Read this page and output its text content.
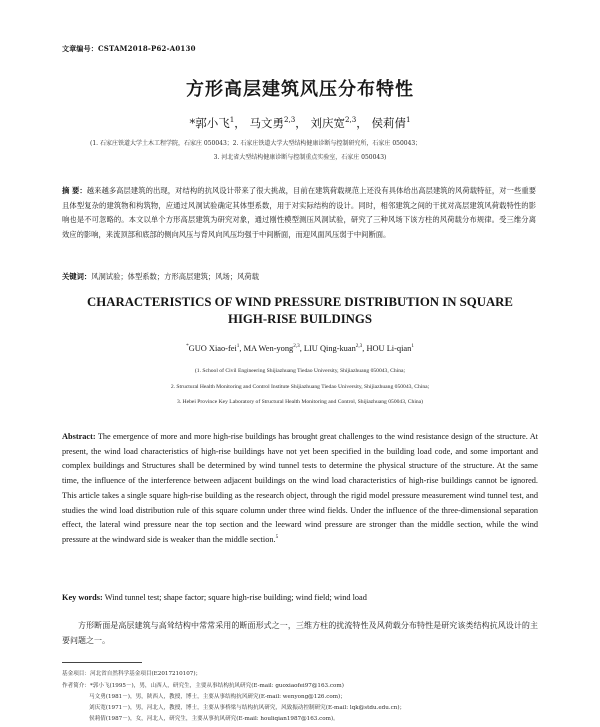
文章编号：CSTAM2018-P62-A0130
方形高层建筑风压分布特性
*郭小飞$^1$， 马文勇$^{2,3}$， 刘庆宽$^{2,3}$， 侯莉倩$^1$
(1. 石家庄铁道大学土木工程学院，石家庄 050043；2. 石家庄铁道大学大型结构健康诊断与控制研究所，石家庄 050043；
3. 河北省大型结构健康诊断与控制重点实验室，石家庄 050043)
摘 要：越来越多高层建筑的出现，对结构的抗风设计带来了很大挑战，目前在建筑荷载规范上还没有具体给出高层建筑的风荷载特征，对一些重要且体型复杂的建筑物和构筑物，应通过风洞试验确定其体型系数，用于对实际结构的设计。同时，相邻建筑之间的干扰对高层建筑风荷载特性的影响也是不可忽略的。本文以单个方形高层建筑为研究对象，通过刚性模型测压风洞试验，研究了三种风场下该方柱的风荷载分布规律。受三维分离效应的影响，来流顶部和底部的侧向风压与背风向风压均强于中间断面，而迎风面风压弱于中间断面。
关键词：风洞试验；体型系数；方形高层建筑；风场；风荷载
CHARACTERISTICS OF WIND PRESSURE DISTRIBUTION IN SQUARE
HIGH-RISE BUILDINGS
*GUO Xiao-fei$^1$, MA Wen-yong$^{2,3}$, LIU Qing-kuan$^{2,3}$, HOU Li-qian$^1$
(1. School of Civil Engineering Shijiazhuang Tiedao University, Shijiazhuang 050043, China;
2. Structural Health Monitoring and Control Institute Shijiazhuang Tiedao University, Shijiazhuang 050043, China;
3. Hebei Province Key Laboratory of Structural Health Monitoring and Control, Shijiazhuang 050043, China)
Abstract: The emergence of more and more high-rise buildings has brought great challenges to the wind resistance design of the structure. At present, the wind load characteristics of high-rise buildings have not yet been specified in the building load code, and some important and complex buildings and Structures shall be determined by wind tunnel tests to determine the physical structure of the structure. At the same time, the influence of the interference between adjacent buildings on the wind load characteristics of high-rise buildings cannot be ignored. This article takes a single square high-rise building as the research object, through the rigid model pressure measurement wind tunnel test, and studies the wind load distribution rule of this square column under three wind fields. Under the influence of the three-dimensional separation effect, the lateral wind pressure near the top section and the leeward wind pressure are stronger than the middle section, while the wind pressure at the windward side is weaker than the middle section.$^5$
Key words: Wind tunnel test; shape factor; square high-rise building; wind field; wind load
方形断面是高层建筑与高耸结构中常常采用的断面形式之一，三维方柱的扰流特性及风荷载分布特性是研究该类结构抗风设计的主要问题之一。
基金项目：河北省自然科学基金项目(E2017210107)；
作者简介：*郭小飞(1995－)，男，山西人，研究生，主要从事结构抗风研究(E-mail: guoxiaofei97@163.com)
马文勇(1981－)，男，陕西人，教授，博士，主要从事结构抗风研究(E-mail: wenyong@126.com)；
刘庆宽(1971－)，男，河北人，教授，博士，主要从事桥梁与结构抗风研究，风致振动控制研究(E-mail: lqk@stdu.edu.cn)；
侯莉倩(1987－)，女，河北人，研究生，主要从事抗风研究(E-mail: houliqian1987@163.com)。
